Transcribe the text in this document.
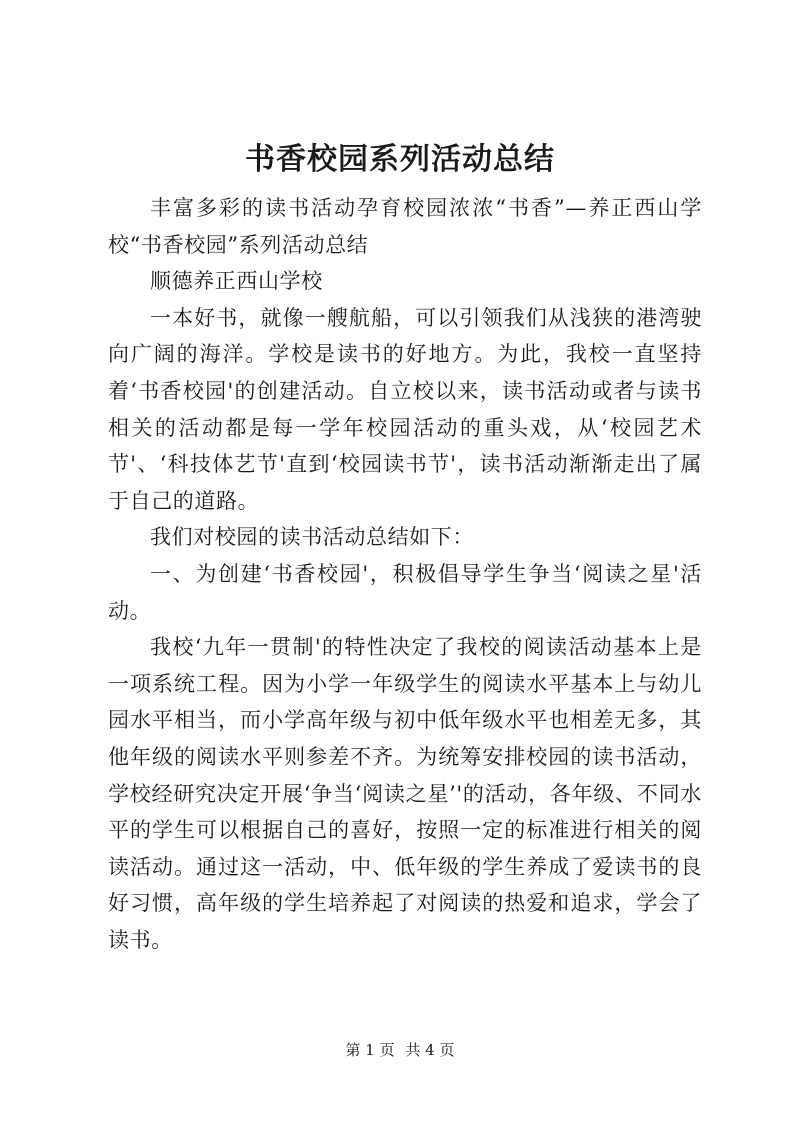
书香校园系列活动总结

丰富多彩的读书活动孕育校园浓浓“书香”—养正西山学校“书香校园”系列活动总结

顺德养正西山学校

一本好书，就像一艘航船，可以引领我们从浅狭的港湾驶向广阔的海洋。学校是读书的好地方。为此，我校一直坚持着‘书香校园'的创建活动。自立校以来，读书活动或者与读书相关的活动都是每一学年校园活动的重头戏，从‘校园艺术节'、‘科技体艺节'直到‘校园读书节'，读书活动渐渐走出了属于自己的道路。

我们对校园的读书活动总结如下：

一、为创建‘书香校园'，积极倡导学生争当‘阅读之星'活动。

我校‘九年一贯制'的特性决定了我校的阅读活动基本上是一项系统工程。因为小学一年级学生的阅读水平基本上与幼儿园水平相当，而小学高年级与初中低年级水平也相差无多，其他年级的阅读水平则参差不齐。为统筹安排校园的读书活动，学校经研究决定开展‘争当‘阅读之星’'的活动，各年级、不同水平的学生可以根据自己的喜好，按照一定的标准进行相关的阅读活动。通过这一活动，中、低年级的学生养成了爱读书的良好习惯，高年级的学生培养起了对阅读的热爱和追求，学会了读书。

第 1 页 共 4 页
